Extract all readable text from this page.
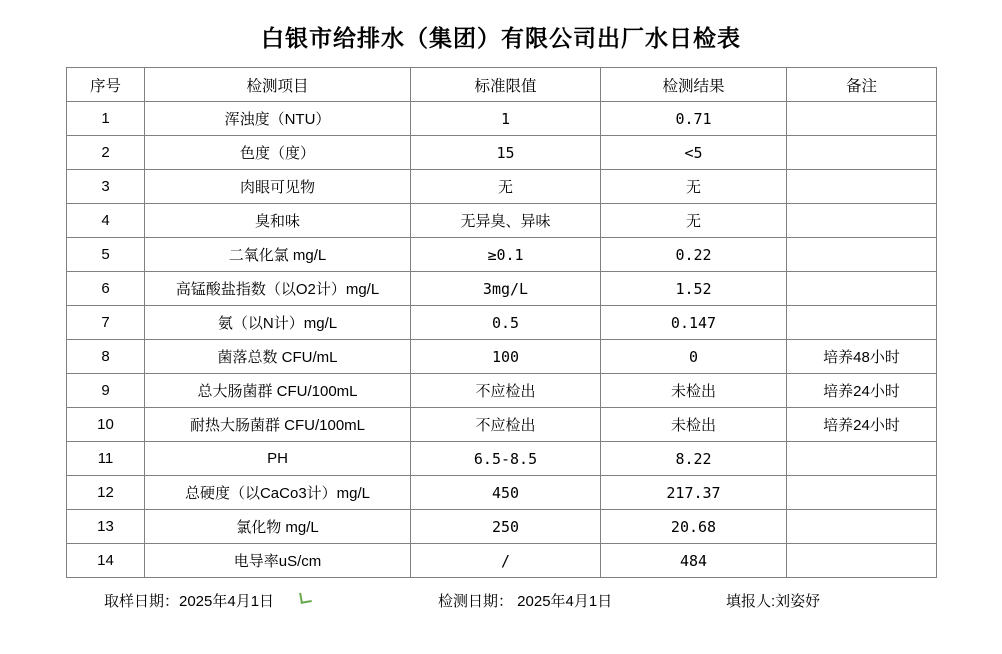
白银市给排水（集团）有限公司出厂水日检表
序号	检测项目	标准限值	检测结果	备注
1	浑浊度（NTU）	1	0.71	
2	色度（度）	15	<5	
3	肉眼可见物	无	无	
4	臭和味	无异臭、异味	无	
5	二氧化氯 mg/L	≥0.1	0.22	
6	高锰酸盐指数（以O2计）mg/L	3mg/L	1.52	
7	氨（以N计）mg/L	0.5	0.147	
8	菌落总数 CFU/mL	100	0	培养48小时
9	总大肠菌群 CFU/100mL	不应检出	未检出	培养24小时
10	耐热大肠菌群 CFU/100mL	不应检出	未检出	培养24小时
11	PH	6.5-8.5	8.22	
12	总硬度（以CaCo3计）mg/L	450	217.37	
13	氯化物 mg/L	250	20.68	
14	电导率uS/cm	/	484	
取样日期：2025年4月1日	检测日期： 2025年4月1日	填报人:刘姿妤
